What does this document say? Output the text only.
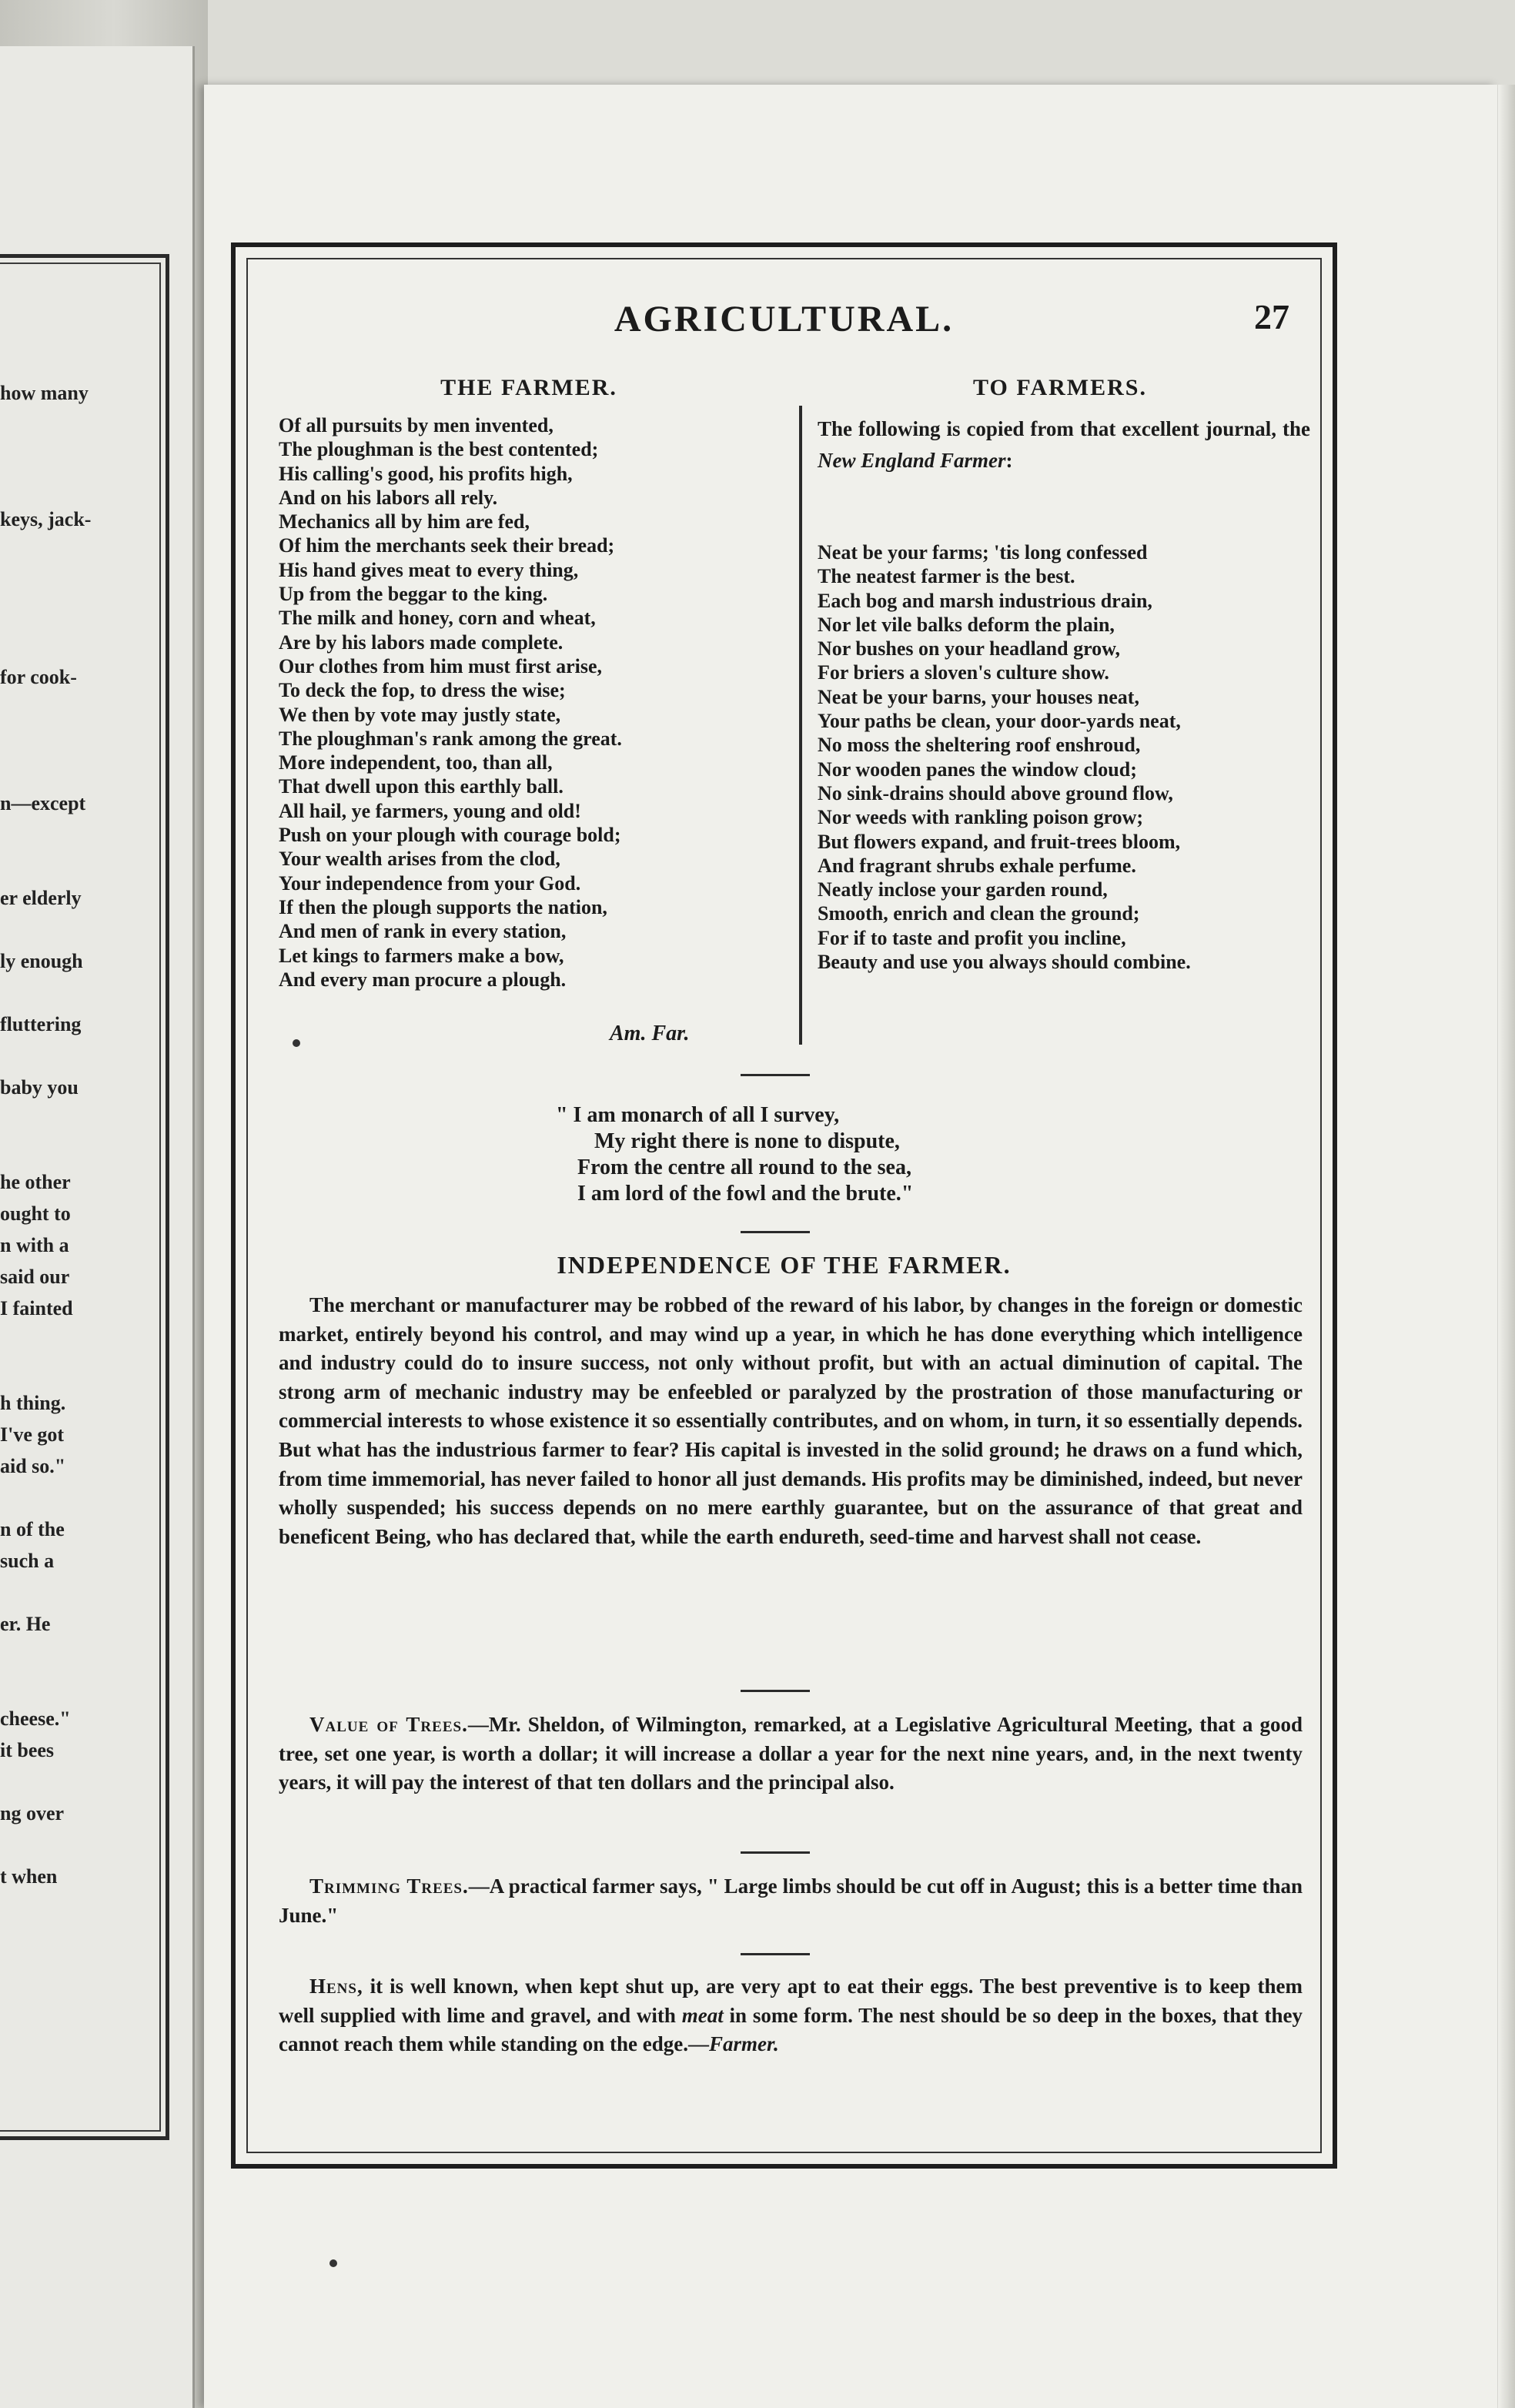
how many
keys, jack-
for cook-
n—except
er elderly
ly enough
fluttering
baby you
he other
ought to
n with a
said our
I fainted
h thing.
I've got
aid so."
n of the
such a
er. He
cheese."
it bees
ng over
t when
AGRICULTURAL.	27
THE FARMER.
Of all pursuits by men invented,
The ploughman is the best contented;
His calling's good, his profits high,
And on his labors all rely.
Mechanics all by him are fed,
Of him the merchants seek their bread;
His hand gives meat to every thing,
Up from the beggar to the king.
The milk and honey, corn and wheat,
Are by his labors made complete.
Our clothes from him must first arise,
To deck the fop, to dress the wise;
We then by vote may justly state,
The ploughman's rank among the great.
More independent, too, than all,
That dwell upon this earthly ball.
All hail, ye farmers, young and old!
Push on your plough with courage bold;
Your wealth arises from the clod,
Your independence from your God.
If then the plough supports the nation,
And men of rank in every station,
Let kings to farmers make a bow,
And every man procure a plough.
Am. Far.
TO FARMERS.
The following is copied from that excellent journal, the New England Farmer:
Neat be your farms; 'tis long confessed
The neatest farmer is the best.
Each bog and marsh industrious drain,
Nor let vile balks deform the plain,
Nor bushes on your headland grow,
For briers a sloven's culture show.
Neat be your barns, your houses neat,
Your paths be clean, your door-yards neat,
No moss the sheltering roof enshroud,
Nor wooden panes the window cloud;
No sink-drains should above ground flow,
Nor weeds with rankling poison grow;
But flowers expand, and fruit-trees bloom,
And fragrant shrubs exhale perfume.
Neatly inclose your garden round,
Smooth, enrich and clean the ground;
For if to taste and profit you incline,
Beauty and use you always should combine.
" I am monarch of all I survey,
My right there is none to dispute,
From the centre all round to the sea,
I am lord of the fowl and the brute."
INDEPENDENCE OF THE FARMER.
The merchant or manufacturer may be robbed of the reward of his labor, by changes in the foreign or domestic market, entirely beyond his control, and may wind up a year, in which he has done everything which intelligence and industry could do to insure success, not only without profit, but with an actual diminution of capital. The strong arm of mechanic industry may be enfeebled or paralyzed by the prostration of those manufacturing or commercial interests to whose existence it so essentially contributes, and on whom, in turn, it so essentially depends. But what has the industrious farmer to fear? His capital is invested in the solid ground; he draws on a fund which, from time immemorial, has never failed to honor all just demands. His profits may be diminished, indeed, but never wholly suspended; his success depends on no mere earthly guarantee, but on the assurance of that great and beneficent Being, who has declared that, while the earth endureth, seed-time and harvest shall not cease.
Value of Trees.—Mr. Sheldon, of Wilmington, remarked, at a Legislative Agricultural Meeting, that a good tree, set one year, is worth a dollar; it will increase a dollar a year for the next nine years, and, in the next twenty years, it will pay the interest of that ten dollars and the principal also.
Trimming Trees.—A practical farmer says, " Large limbs should be cut off in August; this is a better time than June."
Hens, it is well known, when kept shut up, are very apt to eat their eggs. The best preventive is to keep them well supplied with lime and gravel, and with meat in some form. The nest should be so deep in the boxes, that they cannot reach them while standing on the edge.—Farmer.
